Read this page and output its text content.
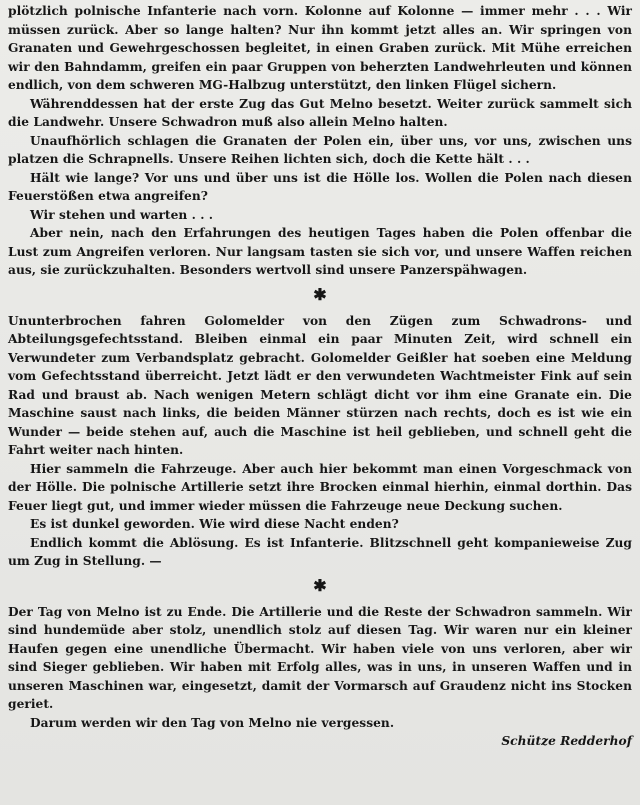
plötzlich polnische Infanterie nach vorn. Kolonne auf Kolonne — immer mehr . . . Wir müssen zurück. Aber so lange halten? Nur ihn kommt jetzt alles an. Wir springen von Granaten und Gewehrgeschossen begleitet, in einen Graben zurück. Mit Mühe erreichen wir den Bahndamm, greifen ein paar Gruppen von beherzten Landwehrleuten und können endlich, von dem schweren MG-Halbzug unterstützt, den linken Flügel sichern.

Währenddessen hat der erste Zug das Gut Melno besetzt. Weiter zurück sammelt sich die Landwehr. Unsere Schwadron muß also allein Melno halten.

Unaufhörlich schlagen die Granaten der Polen ein, über uns, vor uns, zwischen uns platzen die Schrapnells. Unsere Reihen lichten sich, doch die Kette hält . . .

Hält wie lange? Vor uns und über uns ist die Hölle los. Wollen die Polen nach diesen Feuerstößen etwa angreifen?

Wir stehen und warten . . .

Aber nein, nach den Erfahrungen des heutigen Tages haben die Polen offenbar die Lust zum Angreifen verloren. Nur langsam tasten sie sich vor, und unsere Waffen reichen aus, sie zurückzuhalten. Besonders wertvoll sind unsere Panzerspähwagen.

✱

Ununterbrochen fahren Golomelder von den Zügen zum Schwadrons- und Abteilungsgefechtsstand. Bleiben einmal ein paar Minuten Zeit, wird schnell ein Verwundeter zum Verbandsplatz gebracht. Golomelder Geißler hat soeben eine Meldung vom Gefechtsstand überreicht. Jetzt lädt er den verwundeten Wachtmeister Fink auf sein Rad und braust ab. Nach wenigen Metern schlägt dicht vor ihm eine Granate ein. Die Maschine saust nach links, die beiden Männer stürzen nach rechts, doch es ist wie ein Wunder — beide stehen auf, auch die Maschine ist heil geblieben, und schnell geht die Fahrt weiter nach hinten.

Hier sammeln die Fahrzeuge. Aber auch hier bekommt man einen Vorgeschmack von der Hölle. Die polnische Artillerie setzt ihre Brocken einmal hierhin, einmal dorthin. Das Feuer liegt gut, und immer wieder müssen die Fahrzeuge neue Deckung suchen.

Es ist dunkel geworden. Wie wird diese Nacht enden?

Endlich kommt die Ablösung. Es ist Infanterie. Blitzschnell geht kompanieweise Zug um Zug in Stellung. —

✱

Der Tag von Melno ist zu Ende. Die Artillerie und die Reste der Schwadron sammeln. Wir sind hundemüde aber stolz, unendlich stolz auf diesen Tag. Wir waren nur ein kleiner Haufen gegen eine unendliche Übermacht. Wir haben viele von uns verloren, aber wir sind Sieger geblieben. Wir haben mit Erfolg alles, was in uns, in unseren Waffen und in unseren Maschinen war, eingesetzt, damit der Vormarsch auf Graudenz nicht ins Stocken geriet.

Darum werden wir den Tag von Melno nie vergessen.

Schütze Redderhof
